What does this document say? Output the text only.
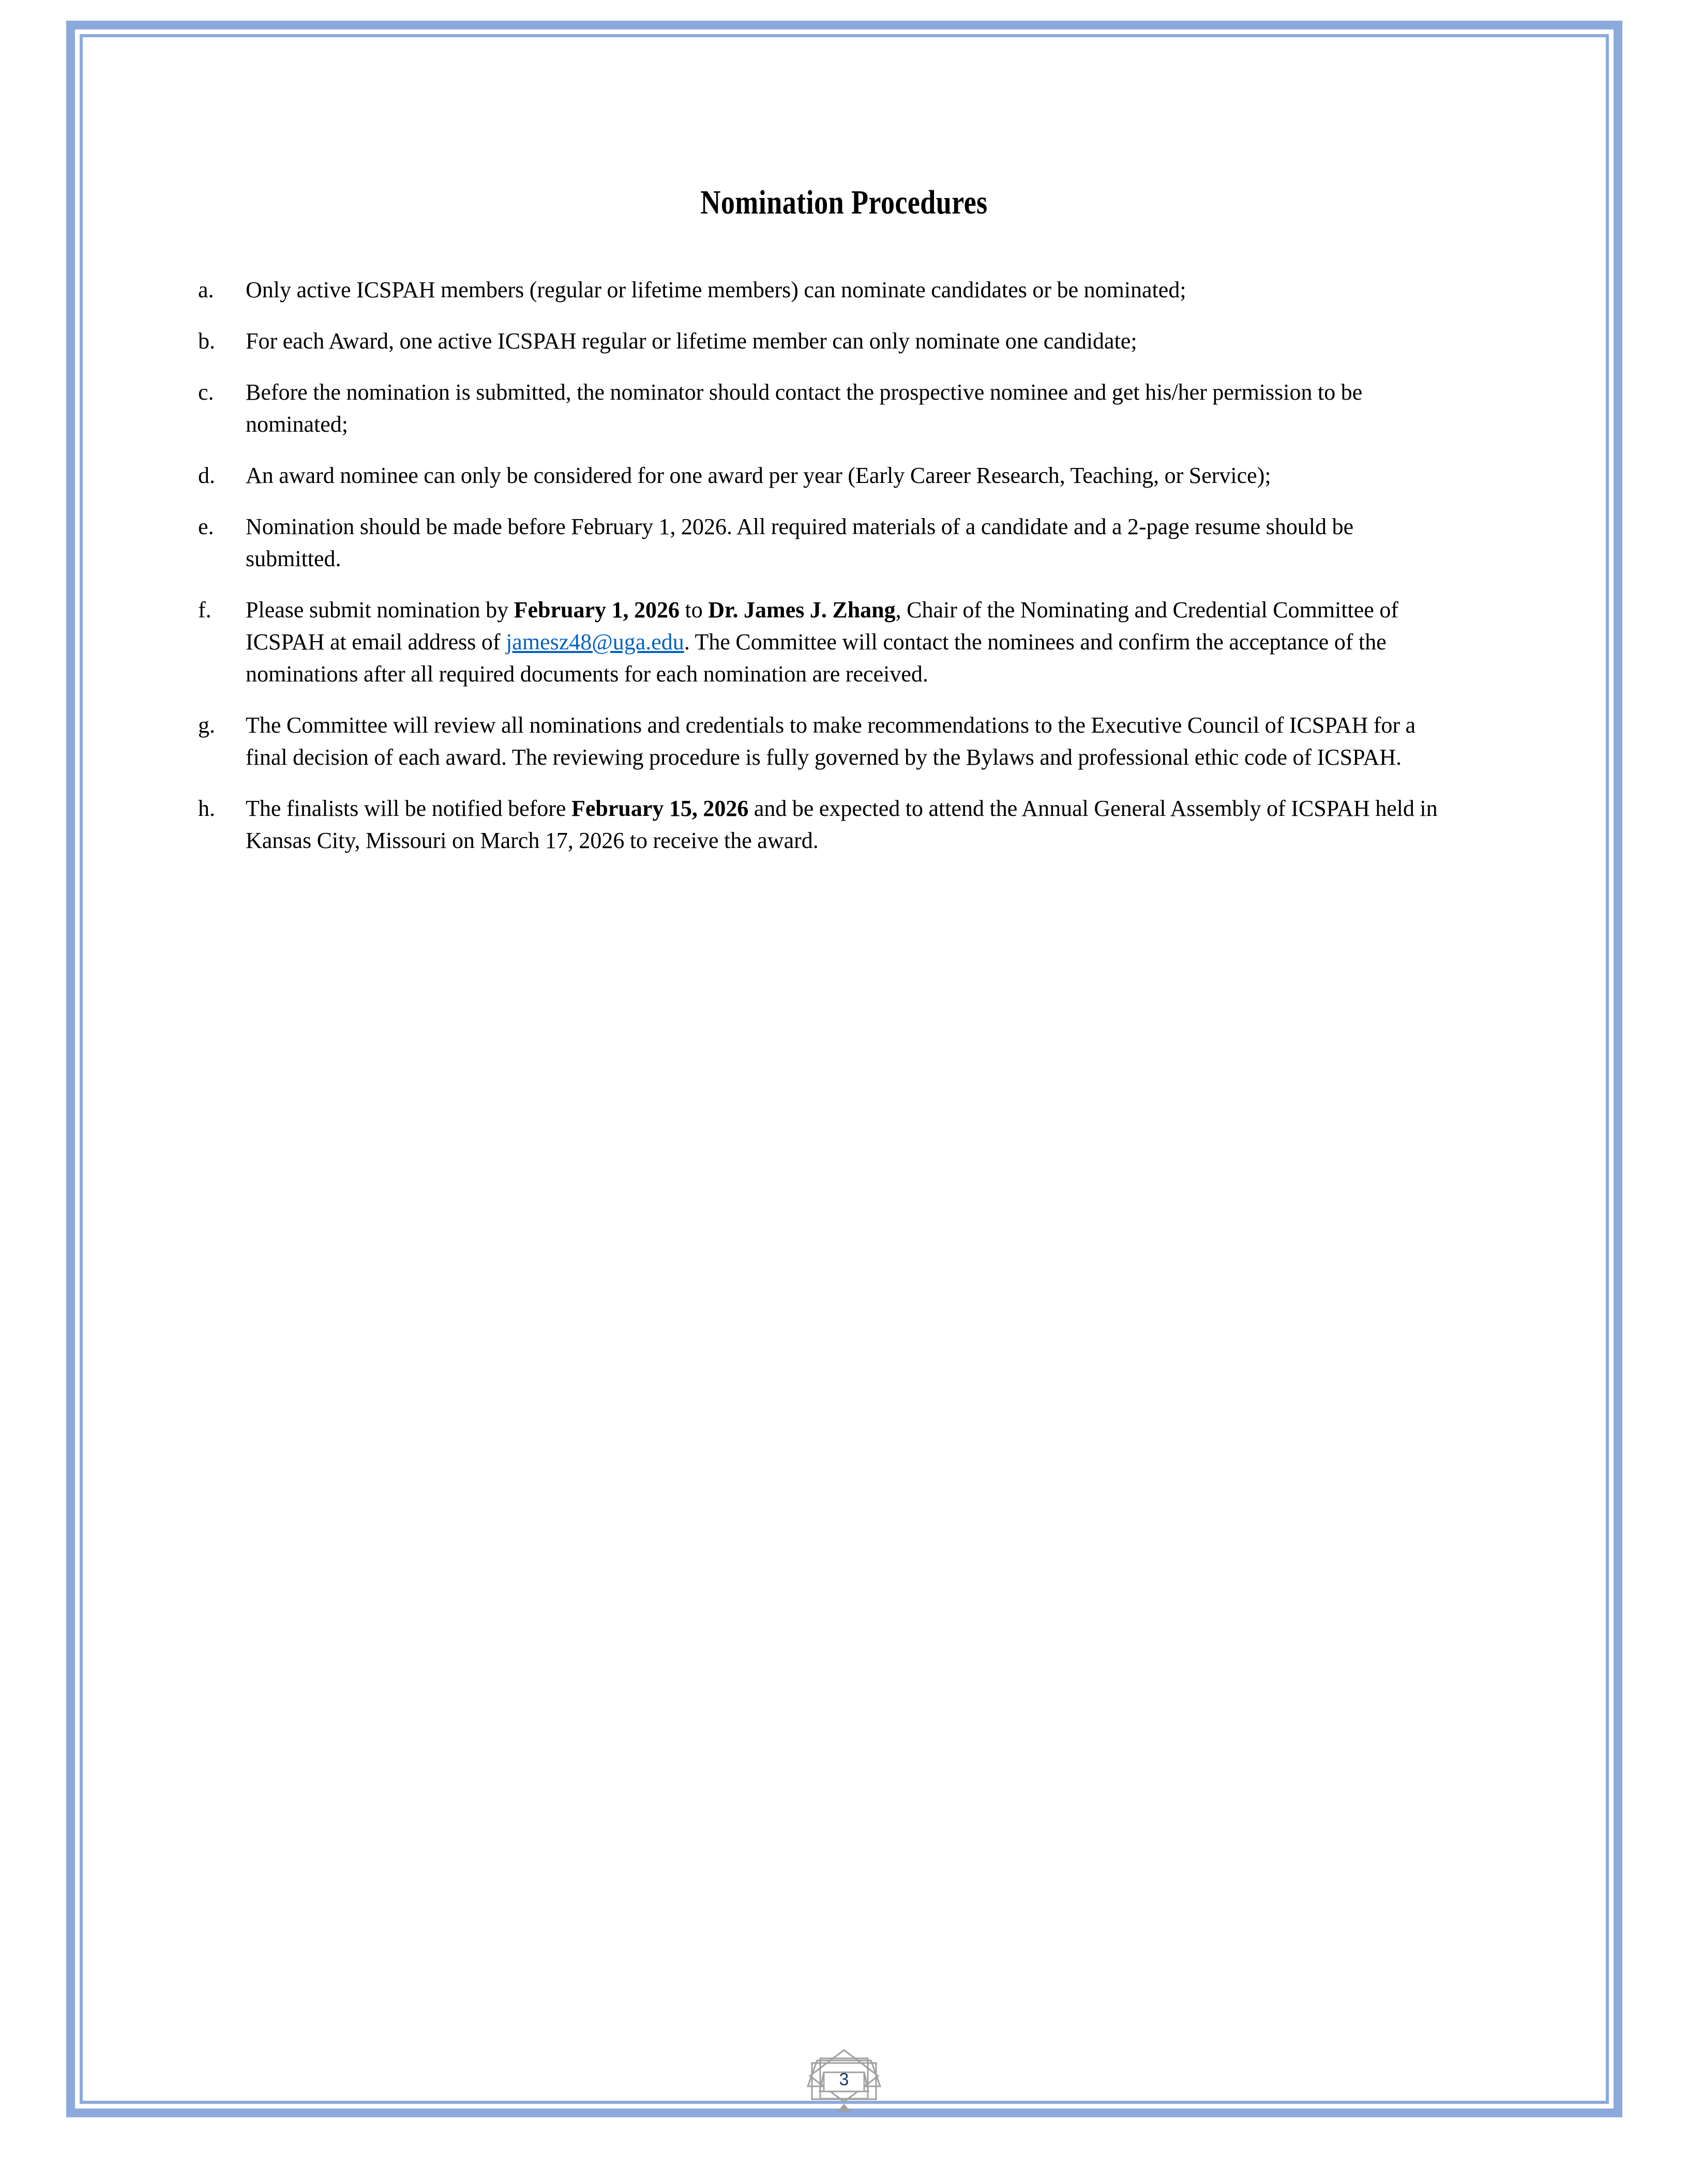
Nomination Procedures
a.	Only active ICSPAH members (regular or lifetime members) can nominate candidates or be nominated;
b.	For each Award, one active ICSPAH regular or lifetime member can only nominate one candidate;
c.	Before the nomination is submitted, the nominator should contact the prospective nominee and get his/her permission to be nominated;
d.	An award nominee can only be considered for one award per year (Early Career Research, Teaching, or Service);
e.	Nomination should be made before February 1, 2026. All required materials of a candidate and a 2-page resume should be submitted.
f.	Please submit nomination by February 1, 2026 to Dr. James J. Zhang, Chair of the Nominating and Credential Committee of ICSPAH at email address of jamesz48@uga.edu. The Committee will contact the nominees and confirm the acceptance of the nominations after all required documents for each nomination are received.
g.	The Committee will review all nominations and credentials to make recommendations to the Executive Council of ICSPAH for a final decision of each award. The reviewing procedure is fully governed by the Bylaws and professional ethic code of ICSPAH.
h.	The finalists will be notified before February 15, 2026 and be expected to attend the Annual General Assembly of ICSPAH held in Kansas City, Missouri on March 17, 2026 to receive the award.
3
